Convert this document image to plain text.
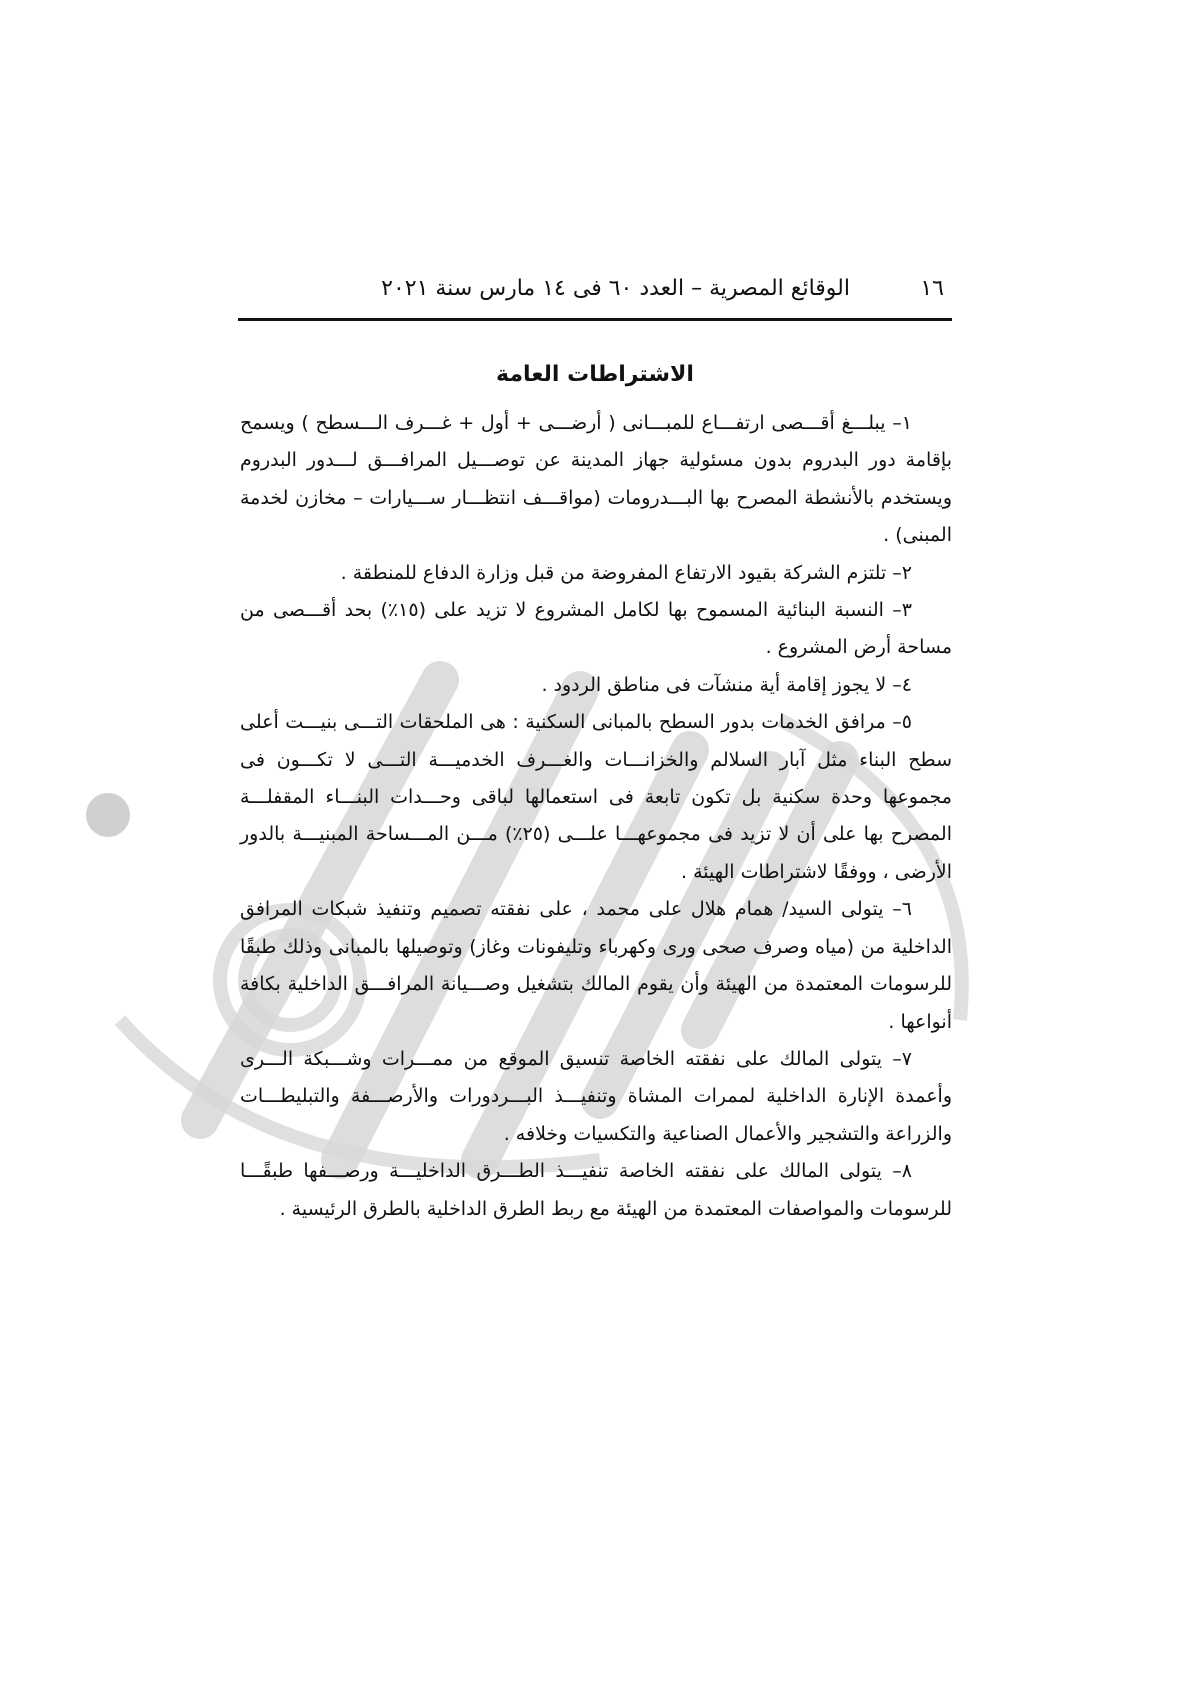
١٦
الوقائع المصرية – العدد ٦٠ فى ١٤ مارس سنة ٢٠٢١
الاشتراطات العامة

١– يبلـــغ أقـــصى ارتفـــاع للمبـــانى ( أرضـــى + أول + غـــرف الـــسطح ) ويسمح بإقامة دور البدروم بدون مسئولية جهاز المدينة عن توصـــيل المرافـــق لـــدور البدروم ويستخدم بالأنشطة المصرح بها البـــدرومات (مواقـــف انتظـــار ســـيارات – مخازن لخدمة المبنى) .

٢– تلتزم الشركة بقيود الارتفاع المفروضة من قبل وزارة الدفاع للمنطقة .

٣– النسبة البنائية المسموح بها لكامل المشروع لا تزيد على (١٥٪) بحد أقـــصى من مساحة أرض المشروع .

٤– لا يجوز إقامة أية منشآت فى مناطق الردود .

٥– مرافق الخدمات بدور السطح بالمبانى السكنية : هى الملحقات التـــى بنيـــت أعلى سطح البناء مثل آبار السلالم والخزانـــات والغـــرف الخدميـــة التـــى لا تكـــون فى مجموعها وحدة سكنية بل تكون تابعة فى استعمالها لباقى وحـــدات البنـــاء المقفلـــة المصرح بها على أن لا تزيد فى مجموعهـــا علـــى (٢٥٪) مـــن المـــساحة المبنيـــة بالدور الأرضى ، ووفقًا لاشتراطات الهيئة .

٦– يتولى السيد/ همام هلال على محمد ، على نفقته تصميم وتنفيذ شبكات المرافق الداخلية من (مياه وصرف صحى ورى وكهرباء وتليفونات وغاز) وتوصيلها بالمبانى وذلك طبقًا للرسومات المعتمدة من الهيئة وأن يقوم المالك بتشغيل وصـــيانة المرافـــق الداخلية بكافة أنواعها .

٧– يتولى المالك على نفقته الخاصة تنسيق الموقع من ممـــرات وشـــبكة الـــرى وأعمدة الإنارة الداخلية لممرات المشاة وتنفيـــذ البـــردورات والأرصـــفة والتبليطـــات والزراعة والتشجير والأعمال الصناعية والتكسيات وخلافه .

٨– يتولى المالك على نفقته الخاصة تنفيـــذ الطـــرق الداخليـــة ورصـــفها طبقًـــا للرسومات والمواصفات المعتمدة من الهيئة مع ربط الطرق الداخلية بالطرق الرئيسية .
